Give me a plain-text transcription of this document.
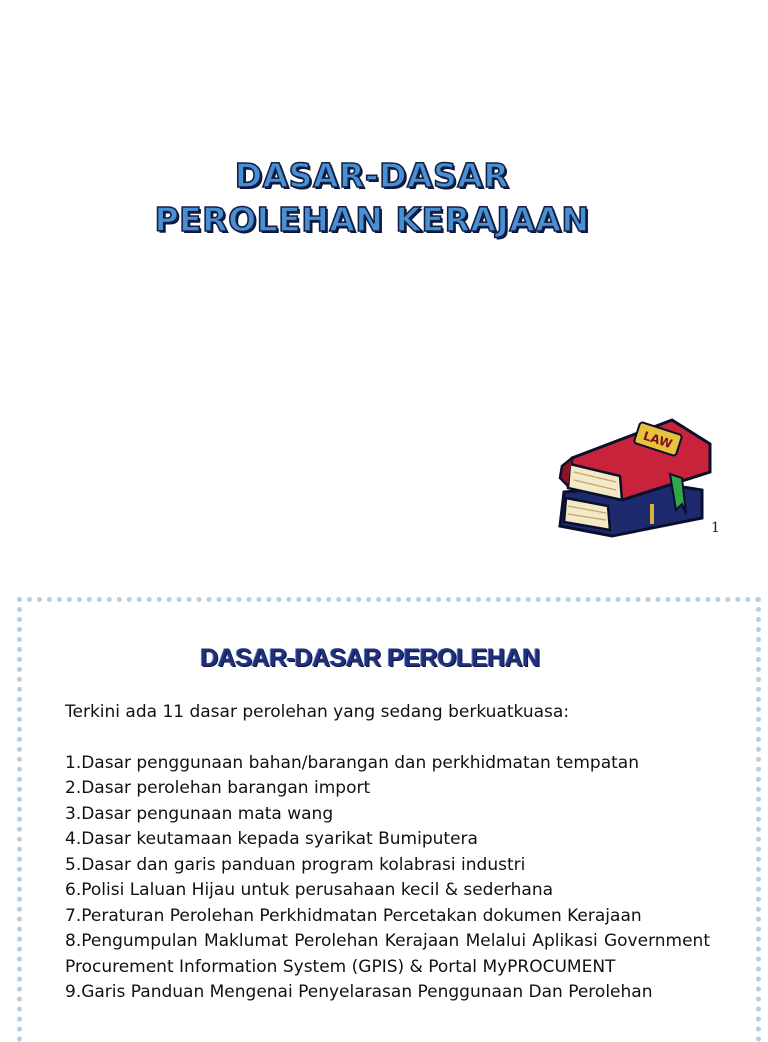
DASAR-DASAR
PEROLEHAN KERAJAAN
LAW
1
DASAR-DASAR PEROLEHAN
Terkini ada 11 dasar perolehan yang sedang berkuatkuasa:
1.Dasar penggunaan bahan/barangan dan perkhidmatan tempatan
2.Dasar perolehan barangan import
3.Dasar pengunaan mata wang
4.Dasar keutamaan kepada syarikat Bumiputera
5.Dasar dan garis panduan program kolabrasi industri
6.Polisi Laluan Hijau untuk perusahaan kecil & sederhana
7.Peraturan Perolehan Perkhidmatan Percetakan dokumen Kerajaan
8.Pengumpulan Maklumat Perolehan Kerajaan Melalui Aplikasi Government Procurement Information System (GPIS) & Portal MyPROCUMENT
9.Garis Panduan Mengenai Penyelarasan Penggunaan Dan Perolehan
